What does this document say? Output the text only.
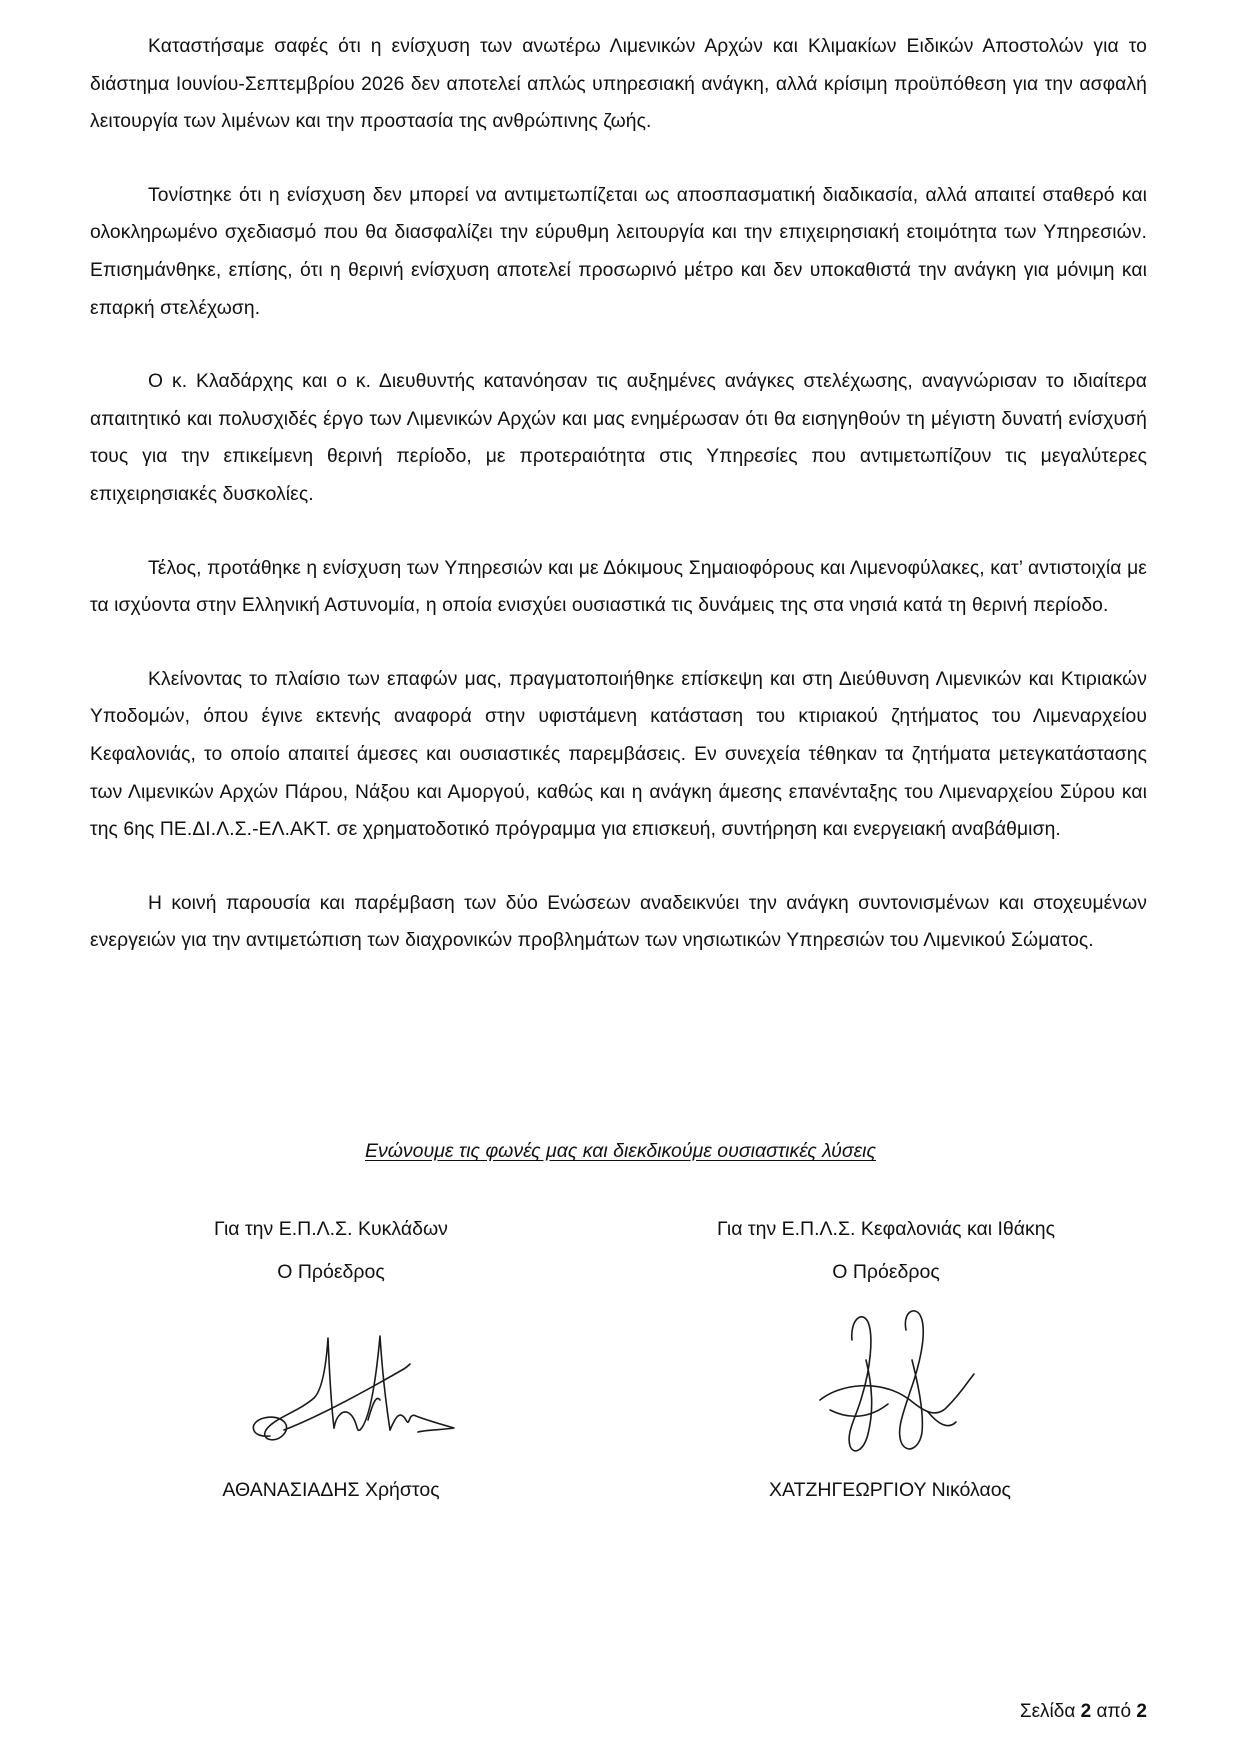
Καταστήσαμε σαφές ότι η ενίσχυση των ανωτέρω Λιμενικών Αρχών και Κλιμακίων Ειδικών Αποστολών για το διάστημα Ιουνίου-Σεπτεμβρίου 2026 δεν αποτελεί απλώς υπηρεσιακή ανάγκη, αλλά κρίσιμη προϋπόθεση για την ασφαλή λειτουργία των λιμένων και την προστασία της ανθρώπινης ζωής.

Τονίστηκε ότι η ενίσχυση δεν μπορεί να αντιμετωπίζεται ως αποσπασματική διαδικασία, αλλά απαιτεί σταθερό και ολοκληρωμένο σχεδιασμό που θα διασφαλίζει την εύρυθμη λειτουργία και την επιχειρησιακή ετοιμότητα των Υπηρεσιών. Επισημάνθηκε, επίσης, ότι η θερινή ενίσχυση αποτελεί προσωρινό μέτρο και δεν υποκαθιστά την ανάγκη για μόνιμη και επαρκή στελέχωση.

Ο κ. Κλαδάρχης και ο κ. Διευθυντής κατανόησαν τις αυξημένες ανάγκες στελέχωσης, αναγνώρισαν το ιδιαίτερα απαιτητικό και πολυσχιδές έργο των Λιμενικών Αρχών και μας ενημέρωσαν ότι θα εισηγηθούν τη μέγιστη δυνατή ενίσχυσή τους για την επικείμενη θερινή περίοδο, με προτεραιότητα στις Υπηρεσίες που αντιμετωπίζουν τις μεγαλύτερες επιχειρησιακές δυσκολίες.

Τέλος, προτάθηκε η ενίσχυση των Υπηρεσιών και με Δόκιμους Σημαιοφόρους και Λιμενοφύλακες, κατ’ αντιστοιχία με τα ισχύοντα στην Ελληνική Αστυνομία, η οποία ενισχύει ουσιαστικά τις δυνάμεις της στα νησιά κατά τη θερινή περίοδο.

Κλείνοντας το πλαίσιο των επαφών μας, πραγματοποιήθηκε επίσκεψη και στη Διεύθυνση Λιμενικών και Κτιριακών Υποδομών, όπου έγινε εκτενής αναφορά στην υφιστάμενη κατάσταση του κτιριακού ζητήματος του Λιμεναρχείου Κεφαλονιάς, το οποίο απαιτεί άμεσες και ουσιαστικές παρεμβάσεις. Εν συνεχεία τέθηκαν τα ζητήματα μετεγκατάστασης των Λιμενικών Αρχών Πάρου, Νάξου και Αμοργού, καθώς και η ανάγκη άμεσης επανένταξης του Λιμεναρχείου Σύρου και της 6ης ΠΕ.ΔΙ.Λ.Σ.-ΕΛ.ΑΚΤ. σε χρηματοδοτικό πρόγραμμα για επισκευή, συντήρηση και ενεργειακή αναβάθμιση.

Η κοινή παρουσία και παρέμβαση των δύο Ενώσεων αναδεικνύει την ανάγκη συντονισμένων και στοχευμένων ενεργειών για την αντιμετώπιση των διαχρονικών προβλημάτων των νησιωτικών Υπηρεσιών του Λιμενικού Σώματος.

Ενώνουμε τις φωνές μας και διεκδικούμε ουσιαστικές λύσεις
Για την Ε.Π.Λ.Σ. Κυκλάδων
Ο Πρόεδρος
Για την Ε.Π.Λ.Σ. Κεφαλονιάς και Ιθάκης
Ο Πρόεδρος
ΑΘΑΝΑΣΙΑΔΗΣ Χρήστος	ΧΑΤΖΗΓΕΩΡΓΙΟΥ Νικόλαος
Σελίδα 2 από 2
